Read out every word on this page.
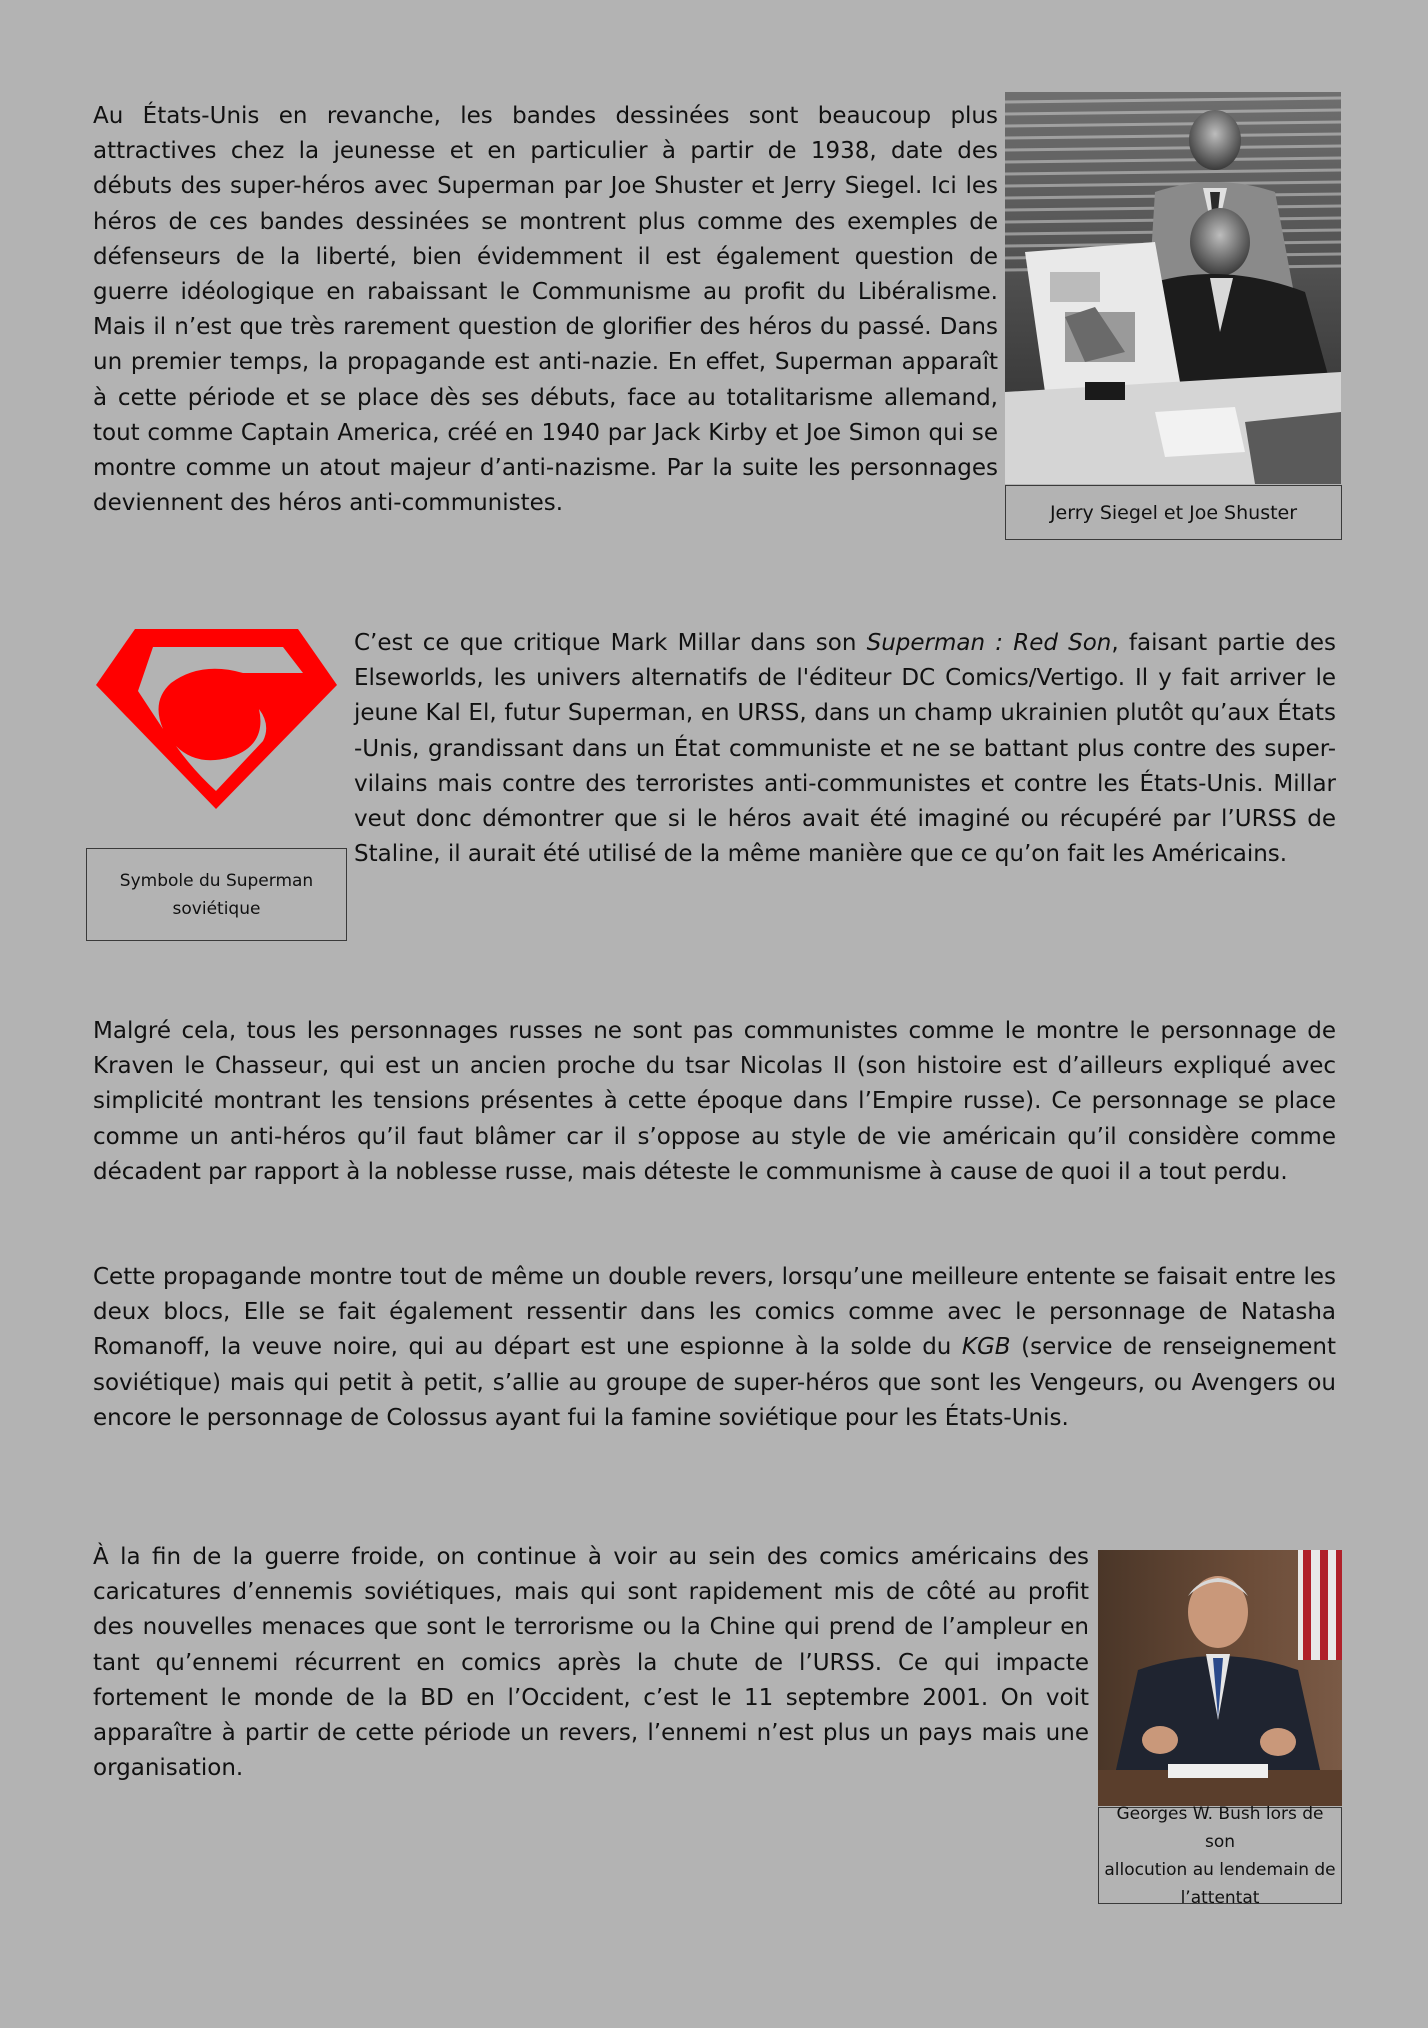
Au États-Unis en revanche, les bandes dessinées sont beaucoup plus attractives chez la jeunesse et en particulier à partir de 1938, date des débuts des super-héros avec Superman par Joe Shuster et Jerry Siegel. Ici les héros de ces bandes dessinées se montrent plus comme des exemples de défenseurs de la liberté, bien évidemment il est également question de guerre idéologique en rabaissant le Communisme au profit du Libéralisme. Mais il n’est que très rarement question de glorifier des héros du passé. Dans un premier temps, la propagande est anti-nazie. En effet, Superman apparaît à cette période et se place dès ses débuts, face au totalitarisme allemand, tout comme Captain America, créé en 1940 par Jack Kirby et Joe Simon qui se montre comme un atout majeur d’anti-nazisme. Par la suite les personnages deviennent des héros anti-communistes.	Jerry Siegel et Joe Shuster
Symbole du Superman
soviétique

C’est ce que critique Mark Millar dans son Superman : Red Son, faisant partie des Elseworlds, les univers alternatifs de l'éditeur DC Comics/Vertigo. Il y fait arriver le jeune Kal El, futur Superman, en URSS, dans un champ ukrainien plutôt qu’aux États -Unis, grandissant dans un État communiste et ne se battant plus contre des super-vilains mais contre des terroristes anti-communistes et contre les États-Unis. Millar veut donc démontrer que si le héros avait été imaginé ou récupéré par l’URSS de Staline, il aurait été utilisé de la même manière que ce qu’on fait les Américains.

Malgré cela, tous les personnages russes ne sont pas communistes comme le montre le personnage de Kraven le Chasseur, qui est un ancien proche du tsar Nicolas II (son histoire est d’ailleurs expliqué avec simplicité montrant les tensions présentes à cette époque dans l’Empire russe). Ce personnage se place comme un anti-héros qu’il faut blâmer car il s’oppose au style de vie américain qu’il considère comme décadent par rapport à la noblesse russe, mais déteste le communisme à cause de quoi il a tout perdu.

Cette propagande montre tout de même un double revers, lorsqu’une meilleure entente se faisait entre les deux blocs, Elle se fait également ressentir dans les comics comme avec le personnage de Natasha Romanoff, la veuve noire, qui au départ est une espionne à la solde du KGB (service de renseignement soviétique) mais qui petit à petit, s’allie au groupe de super-héros que sont les Vengeurs, ou Avengers ou encore le personnage de Colossus ayant fui la famine soviétique pour les États-Unis.

À la fin de la guerre froide, on continue à voir au sein des comics américains des caricatures d’ennemis soviétiques, mais qui sont rapidement mis de côté au profit des nouvelles menaces que sont le terrorisme ou la Chine qui prend de l’ampleur en tant qu’ennemi récurrent en comics après la chute de l’URSS. Ce qui impacte fortement le monde de la BD en l’Occident, c’est le 11 septembre 2001. On voit apparaître à partir de cette période un revers, l’ennemi n’est plus un pays mais une organisation.

Georges W. Bush lors de son
allocution au lendemain de
l’attentat
